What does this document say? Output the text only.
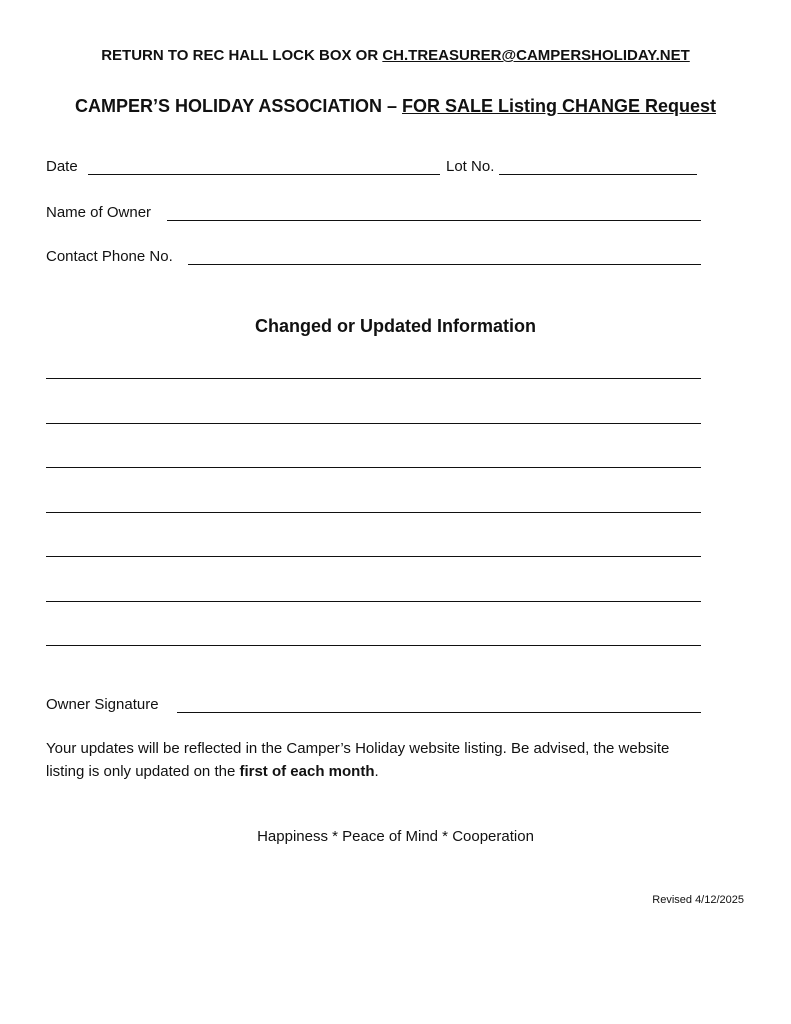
RETURN TO REC HALL LOCK BOX OR CH.TREASURER@CAMPERSHOLIDAY.NET
CAMPER’S HOLIDAY ASSOCIATION – FOR SALE Listing CHANGE Request
Date	Lot No.
Name of Owner
Contact Phone No.
Changed or Updated Information
Owner Signature
Your updates will be reflected in the Camper’s Holiday website listing. Be advised, the website listing is only updated on the first of each month.
Happiness * Peace of Mind * Cooperation
Revised 4/12/2025
